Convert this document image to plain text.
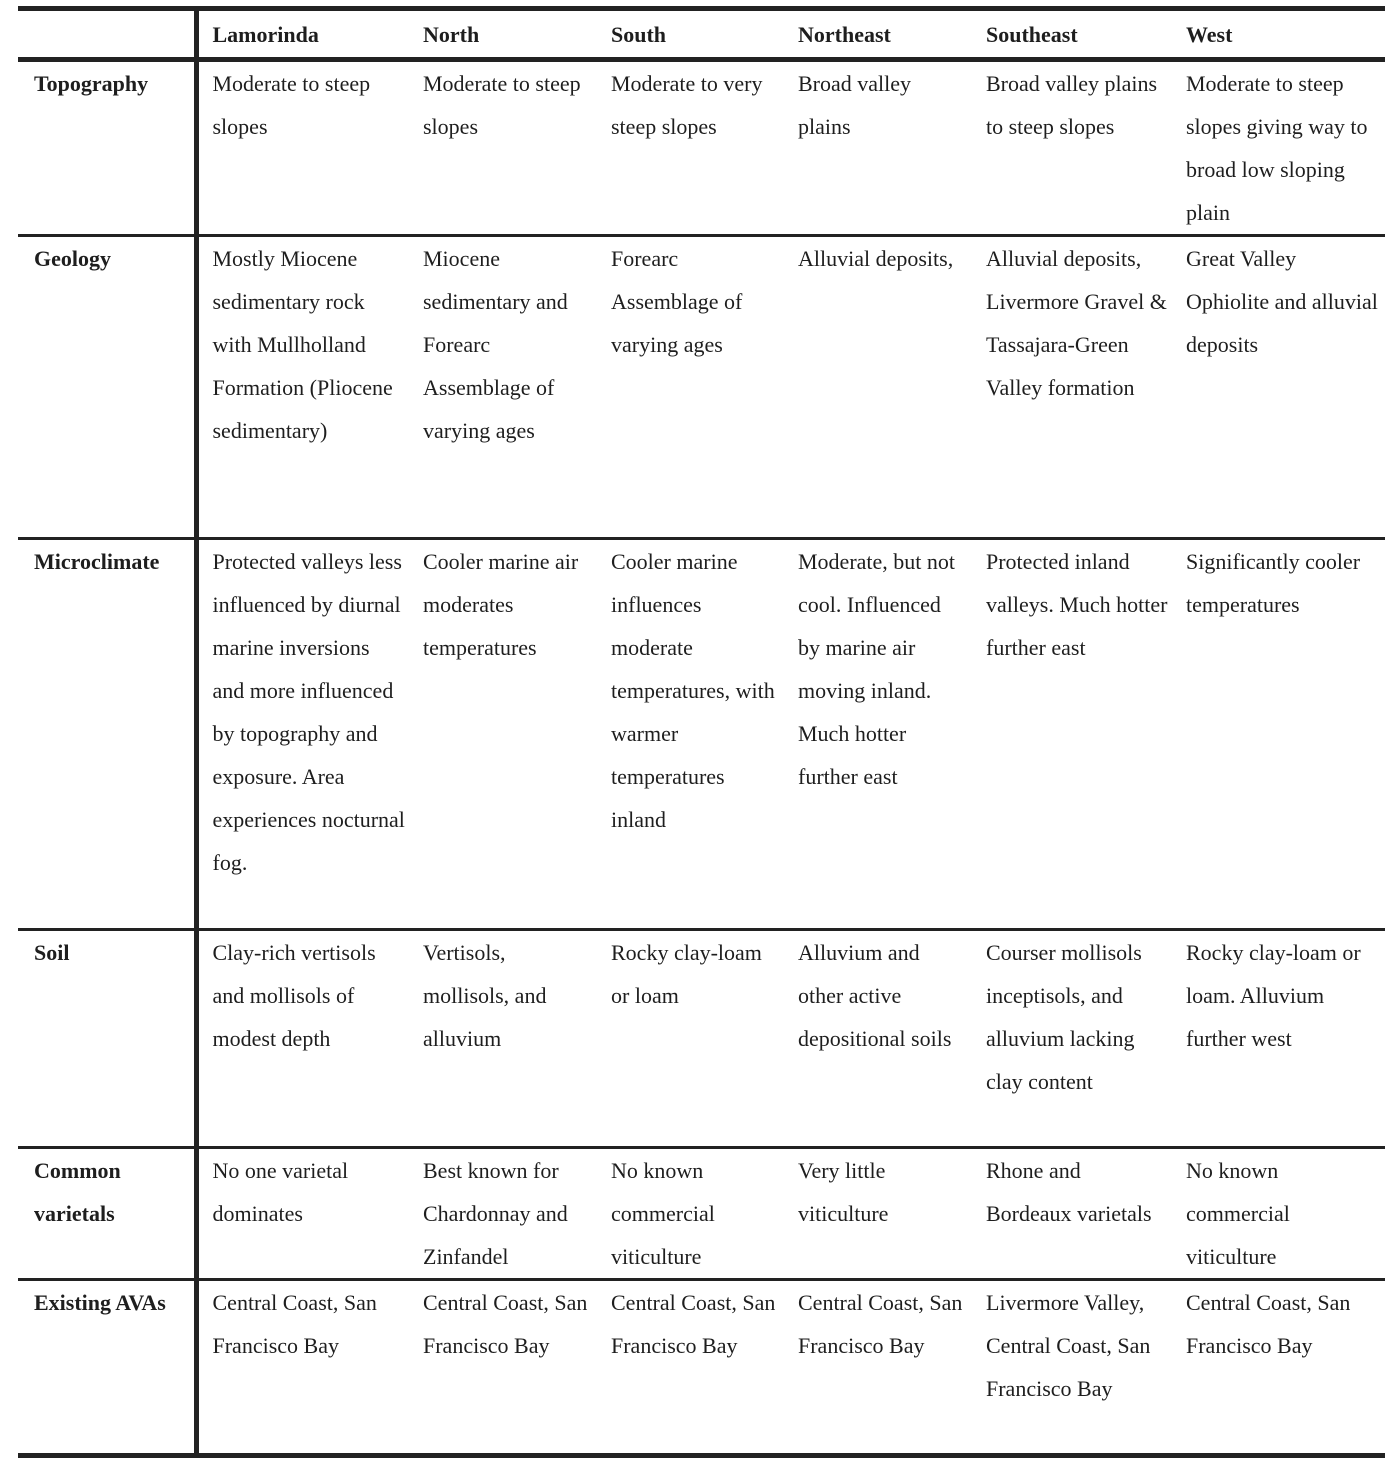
	Lamorinda	North	South	Northeast	Southeast	West
Topography	Moderate to steep slopes	Moderate to steep slopes	Moderate to very steep slopes	Broad valley plains	Broad valley plains to steep slopes	Moderate to steep slopes giving way to broad low sloping plain
Geology	Mostly Miocene sedimentary rock with Mullholland Formation (Pliocene sedimentary)	Miocene sedimentary and Forearc Assemblage of varying ages	Forearc Assemblage of varying ages	Alluvial deposits,	Alluvial deposits, Livermore Gravel & Tassajara-Green Valley formation	Great Valley Ophiolite and alluvial deposits
Microclimate	Protected valleys less influenced by diurnal marine inversions and more influenced by topography and exposure. Area experiences nocturnal fog.	Cooler marine air moderates temperatures	Cooler marine influences moderate temperatures, with warmer temperatures inland	Moderate, but not cool. Influenced by marine air moving inland. Much hotter further east	Protected inland valleys. Much hotter further east	Significantly cooler temperatures
Soil	Clay-rich vertisols and mollisols of modest depth	Vertisols, mollisols, and alluvium	Rocky clay-loam or loam	Alluvium and other active depositional soils	Courser mollisols inceptisols, and alluvium lacking clay content	Rocky clay-loam or loam. Alluvium further west
Common varietals	No one varietal dominates	Best known for Chardonnay and Zinfandel	No known commercial viticulture	Very little viticulture	Rhone and Bordeaux varietals	No known commercial viticulture
Existing AVAs	Central Coast, San Francisco Bay	Central Coast, San Francisco Bay	Central Coast, San Francisco Bay	Central Coast, San Francisco Bay	Livermore Valley, Central Coast, San Francisco Bay	Central Coast, San Francisco Bay
